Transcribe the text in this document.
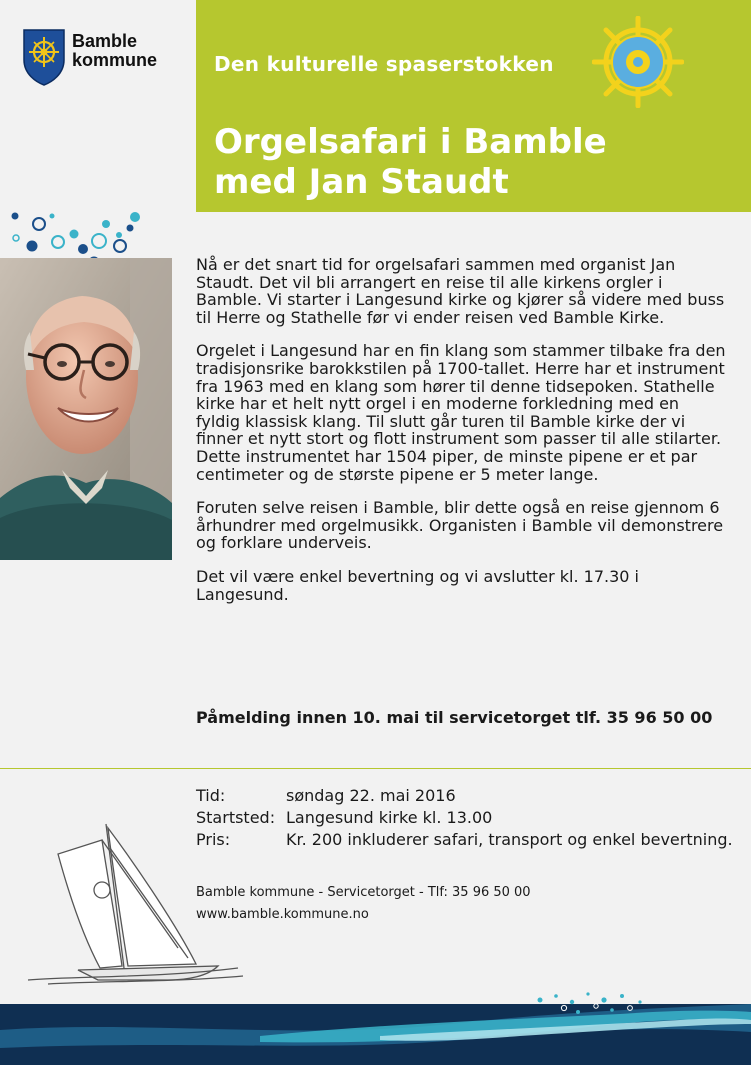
Bamble
kommune	Den kulturelle spaserstokken
Orgelsafari i Bamble
med Jan Staudt

Nå er det snart tid for orgelsafari sammen med organist Jan Staudt. Det vil bli arrangert en reise til alle kirkens orgler i Bamble. Vi starter i Langesund kirke og kjører så videre med buss til Herre og Stathelle før vi ender reisen ved Bamble Kirke.

Orgelet i Langesund har en fin klang som stammer tilbake fra den tradisjonsrike barokkstilen på 1700-tallet. Herre har et instrument fra 1963 med en klang som hører til denne tidsepoken. Stathelle kirke har et helt nytt orgel i en moderne forkledning med en fyldig klassisk klang. Til slutt går turen til Bamble kirke der vi finner et nytt stort og flott instrument som passer til alle stilarter. Dette instrumentet har 1504 piper, de minste pipene er et par centimeter og de største pipene er 5 meter lange.

Foruten selve reisen i Bamble, blir dette også en reise gjennom 6 århundrer med orgelmusikk. Organisten i Bamble vil demonstrere og forklare underveis.

Det vil være enkel bevertning og vi avslutter kl. 17.30 i Langesund.

Påmelding innen 10. mai til servicetorget tlf. 35 96 50 00
Tid:	søndag 22. mai 2016
Startsted: Langesund kirke kl. 13.00
Pris:	Kr. 200 inkluderer safari, transport og enkel bevertning.
Bamble kommune - Servicetorget - Tlf: 35 96 50 00
www.bamble.kommune.no
